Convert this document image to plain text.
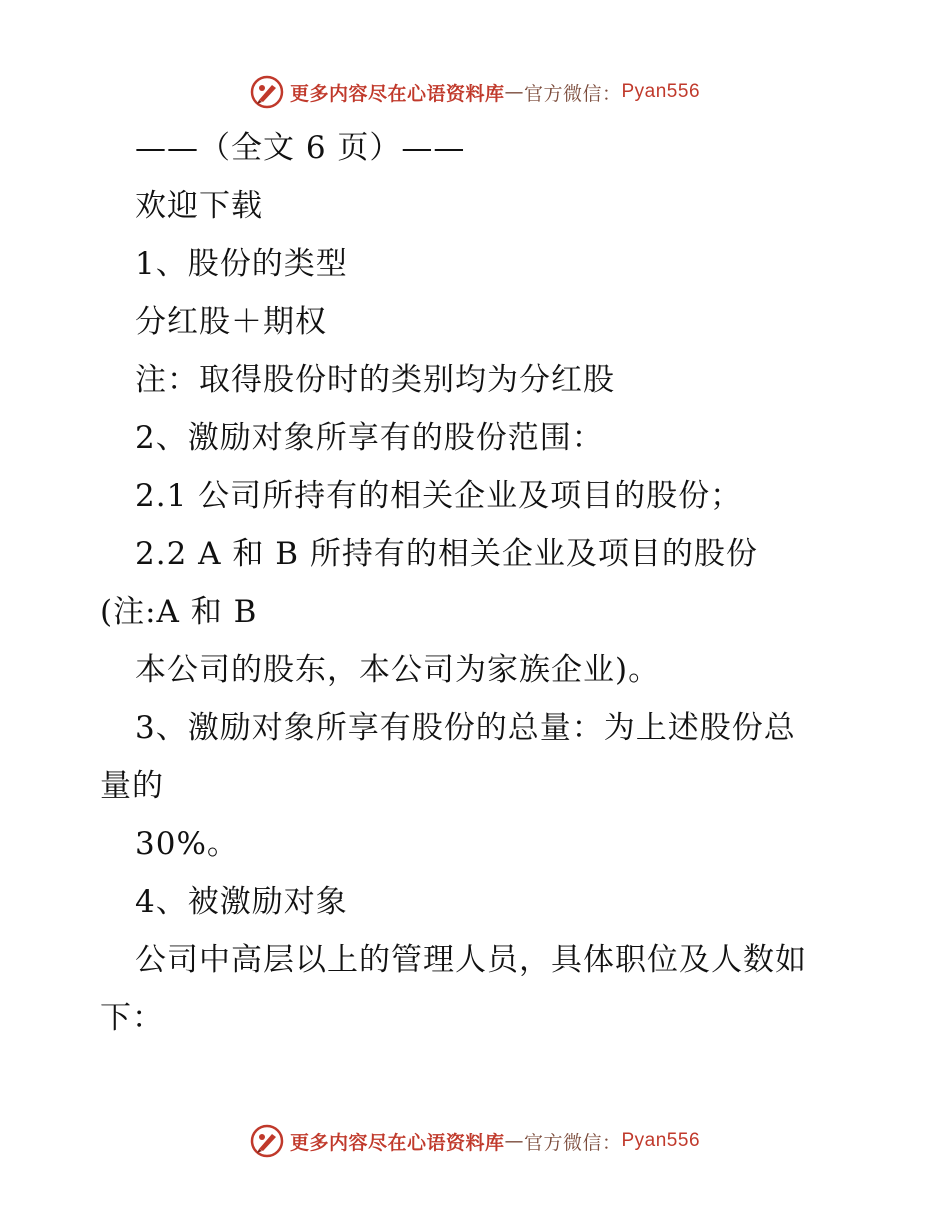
更多内容尽在心语资料库 — 官方微信： Pyan556
——（全文 6 页）——
欢迎下载
1、股份的类型
分红股＋期权
注：取得股份时的类别均为分红股
2、激励对象所享有的股份范围：
2.1 公司所持有的相关企业及项目的股份；
2.2 A 和 B 所持有的相关企业及项目的股份
(注:A 和 B
本公司的股东，本公司为家族企业)。
3、激励对象所享有股份的总量：为上述股份总
量的
30%。
4、被激励对象
公司中高层以上的管理人员，具体职位及人数如
下：
更多内容尽在心语资料库 — 官方微信： Pyan556
